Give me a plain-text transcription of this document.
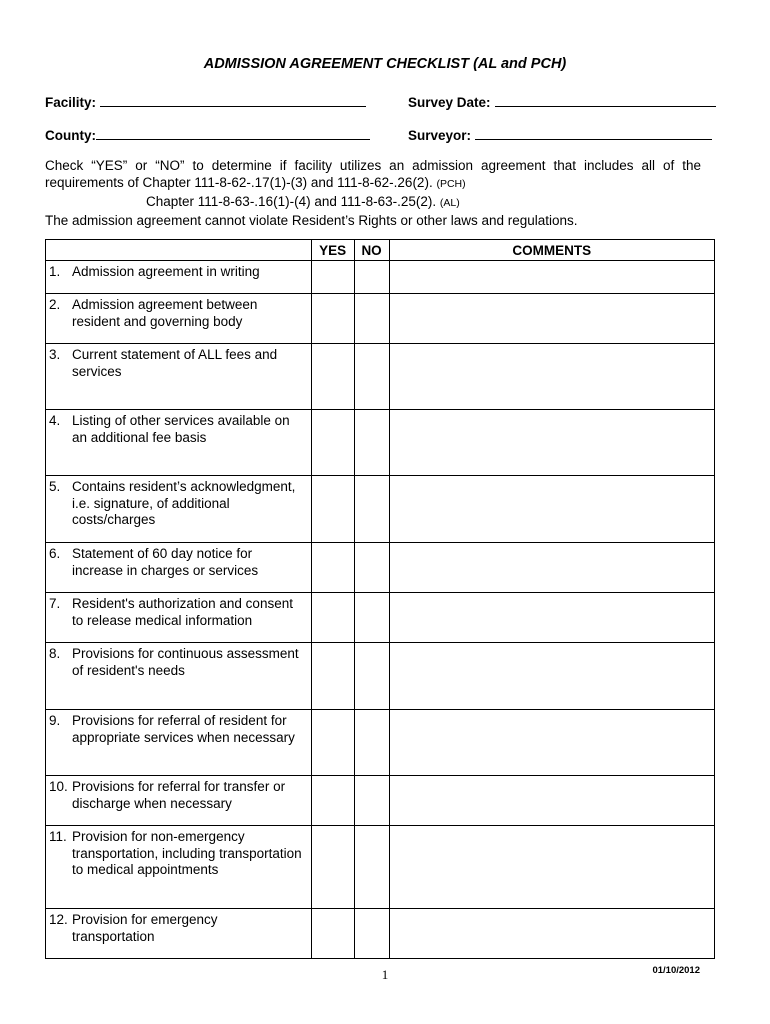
ADMISSION AGREEMENT CHECKLIST (AL and PCH)
Facility:	Survey Date:
County:	Surveyor:
Check “YES” or “NO” to determine if facility utilizes an admission agreement that includes all of the
requirements of Chapter 111-8-62-.17(1)-(3) and 111-8-62-.26(2). (PCH)
Chapter 111-8-63-.16(1)-(4) and 111-8-63-.25(2). (AL)
The admission agreement cannot violate Resident’s Rights or other laws and regulations.
	YES	NO	COMMENTS
1. Admission agreement in writing			
2. Admission agreement between
resident and governing body			

3. Current statement of ALL fees and
services			

4. Listing of other services available on
an additional fee basis			

5. Contains resident’s acknowledgment,
i.e. signature, of additional
costs/charges			

6. Statement of 60 day notice for
increase in charges or services			

7. Resident's authorization and consent
to release medical information			

8. Provisions for continuous assessment
of resident's needs			

9. Provisions for referral of resident for
appropriate services when necessary			

10. Provisions for referral for transfer or
discharge when necessary			

11. Provision for non-emergency
transportation, including transportation
to medical appointments			

12. Provision for emergency
transportation			

1	01/10/2012
